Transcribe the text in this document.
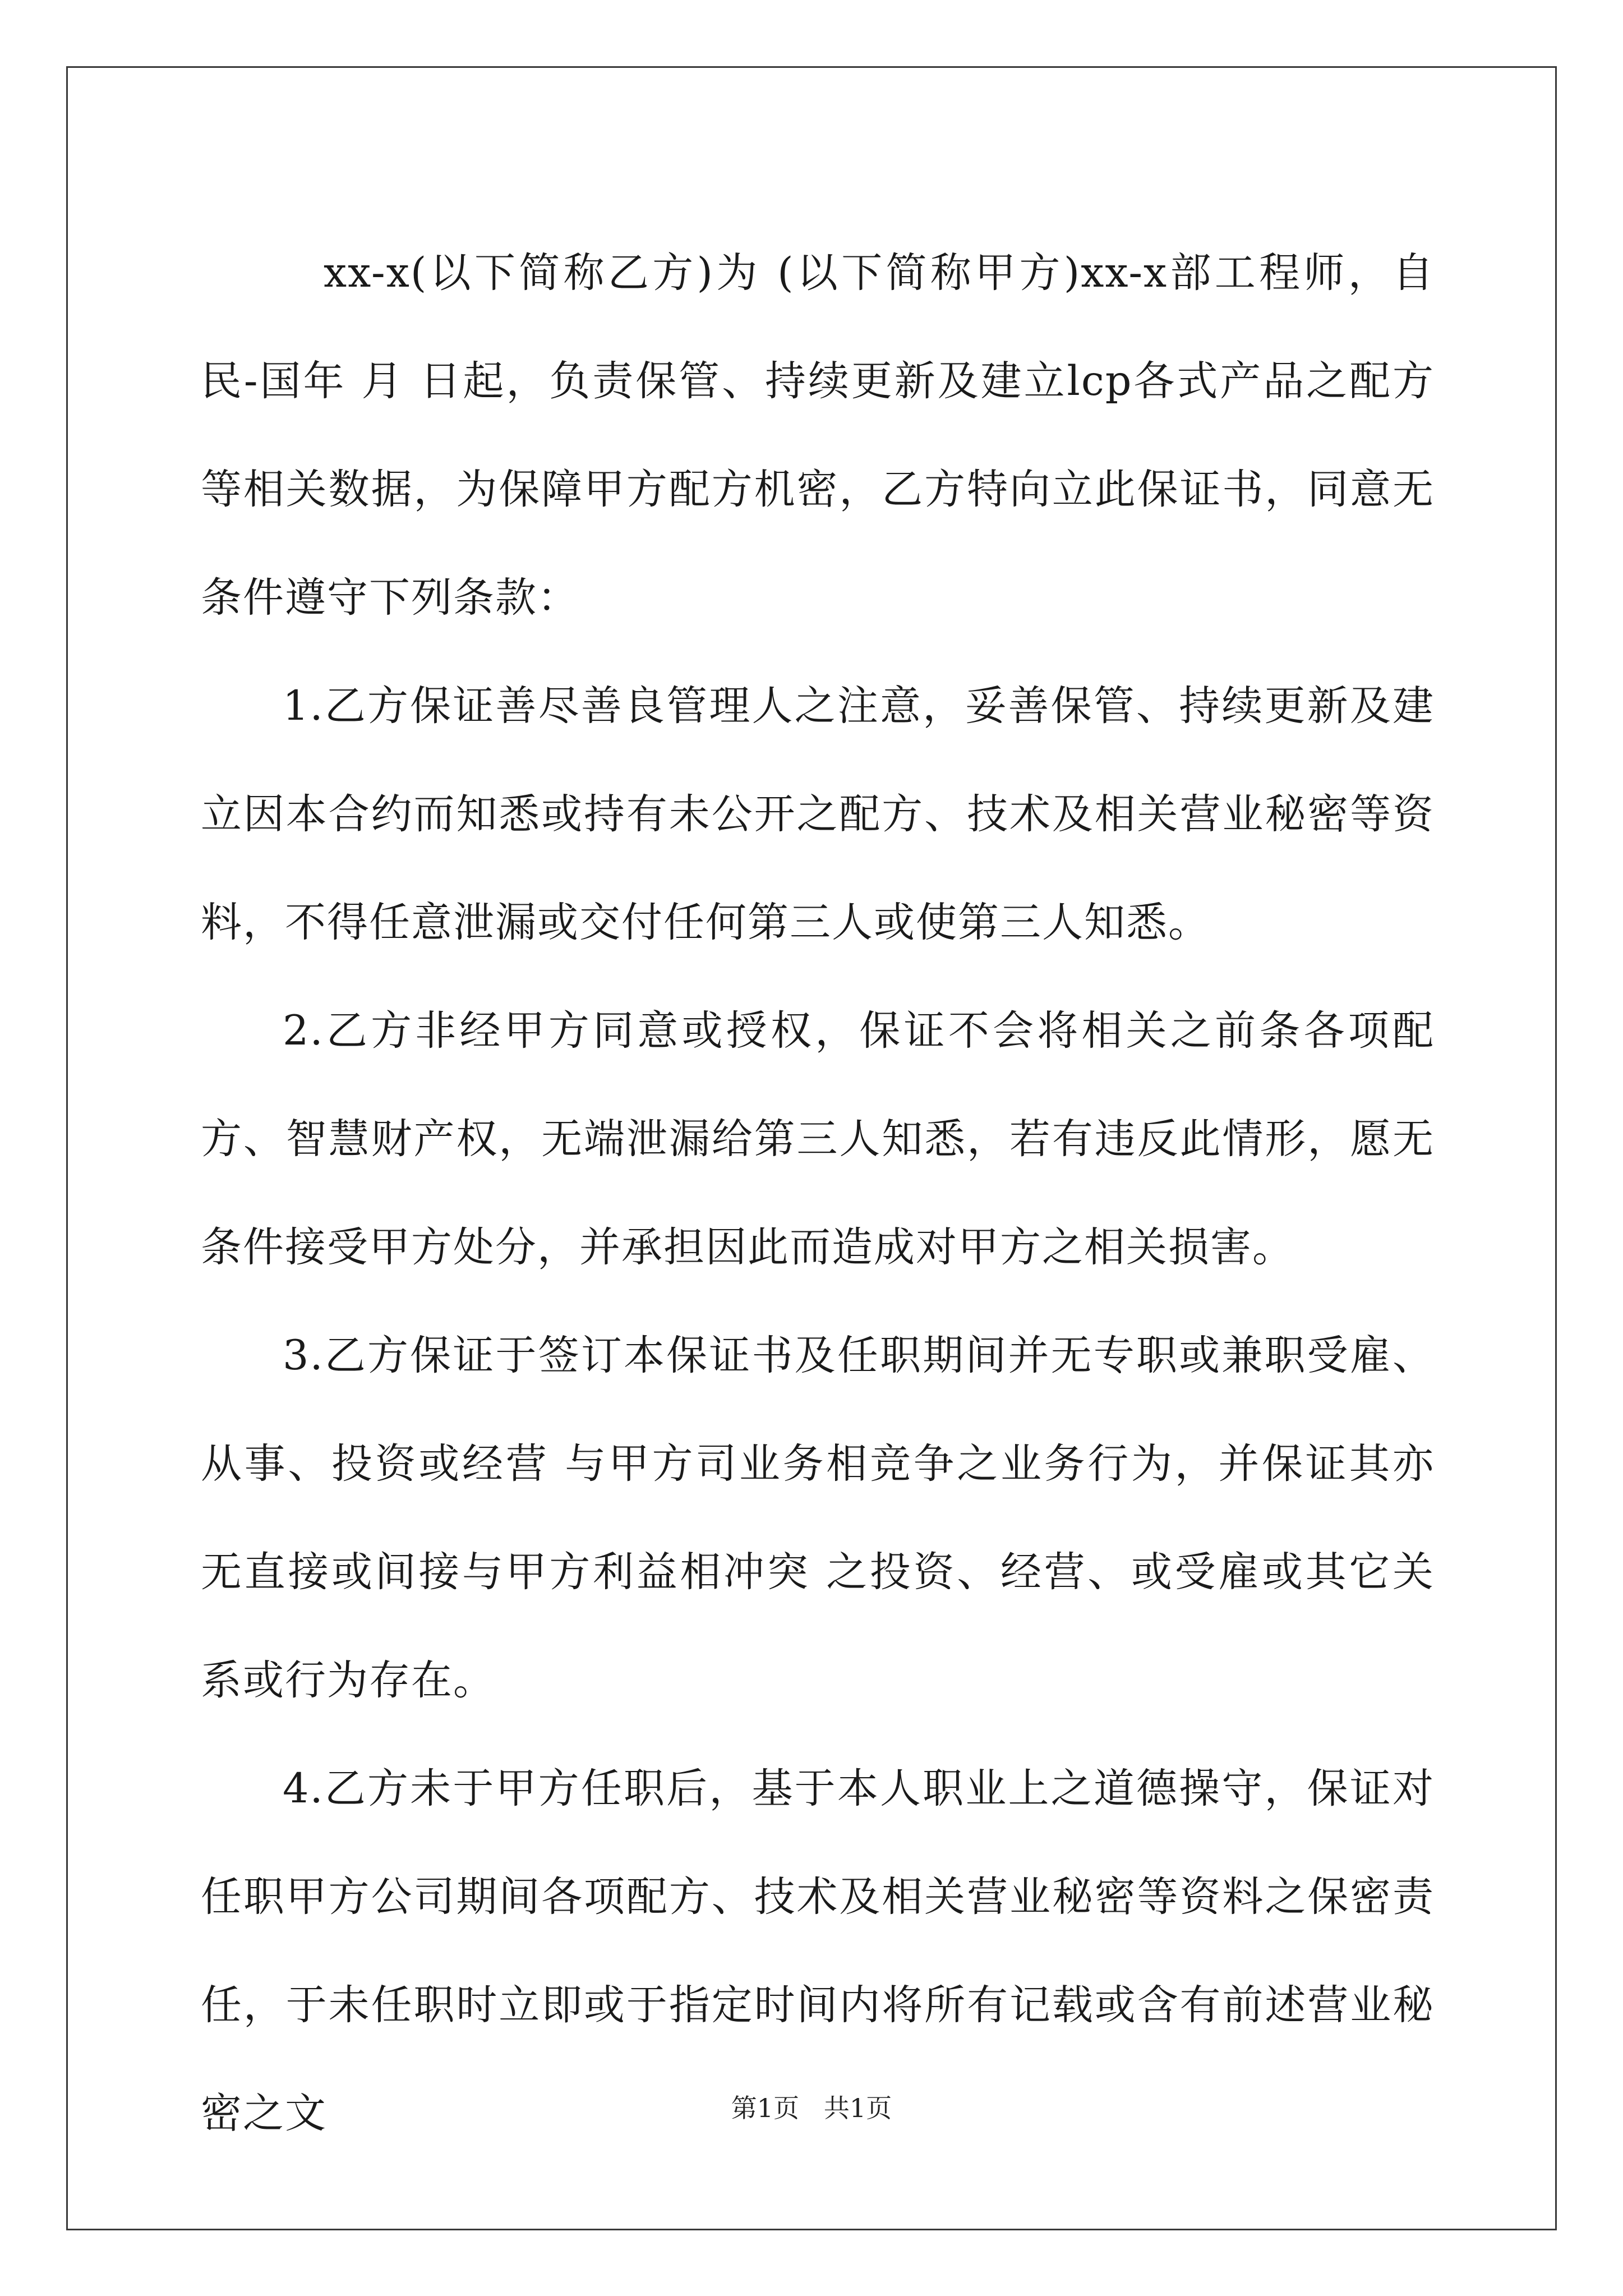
xx-x(以下简称乙方)为 (以下简称甲方)xx-x部工程师，自民-国年 月 日起，负责保管、持续更新及建立lcp各式产品之配方等相关数据，为保障甲方配方机密，乙方特向立此保证书，同意无条件遵守下列条款：

1.乙方保证善尽善良管理人之注意，妥善保管、持续更新及建立因本合约而知悉或持有未公开之配方、技术及相关营业秘密等资料，不得任意泄漏或交付任何第三人或使第三人知悉。

2.乙方非经甲方同意或授权，保证不会将相关之前条各项配方、智慧财产权，无端泄漏给第三人知悉，若有违反此情形，愿无条件接受甲方处分，并承担因此而造成对甲方之相关损害。

3.乙方保证于签订本保证书及任职期间并无专职或兼职受雇、从事、投资或经营 与甲方司业务相竞争之业务行为，并保证其亦无直接或间接与甲方利益相冲突 之投资、经营、或受雇或其它关系或行为存在。

4.乙方未于甲方任职后，基于本人职业上之道德操守，保证对任职甲方公司期间各项配方、技术及相关营业秘密等资料之保密责任，于未任职时立即或于指定时间内将所有记载或含有前述营业秘密之文	第1页   共1页
